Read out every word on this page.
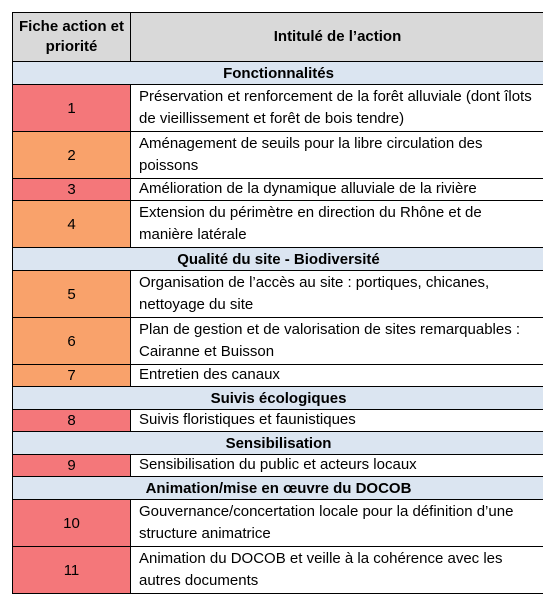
Fiche action et priorité	Intitulé de l’action
Fonctionnalités	
1	Préservation et renforcement de la forêt alluviale (dont îlots de vieillissement et forêt de bois tendre)
2	Aménagement de seuils pour la libre circulation des poissons
3	Amélioration de la dynamique alluviale de la rivière
4	Extension du périmètre en direction du Rhône et de manière latérale
Qualité du site - Biodiversité	
5	Organisation de l’accès au site : portiques, chicanes, nettoyage du site
6	Plan de gestion et de valorisation de sites remarquables : Cairanne et Buisson
7	Entretien des canaux
Suivis écologiques	
8	Suivis floristiques et faunistiques
Sensibilisation	
9	Sensibilisation du public et acteurs locaux
Animation/mise en œuvre du DOCOB	
10	Gouvernance/concertation locale pour la définition d’une structure animatrice
11	Animation du DOCOB et veille à la cohérence avec les autres documents
